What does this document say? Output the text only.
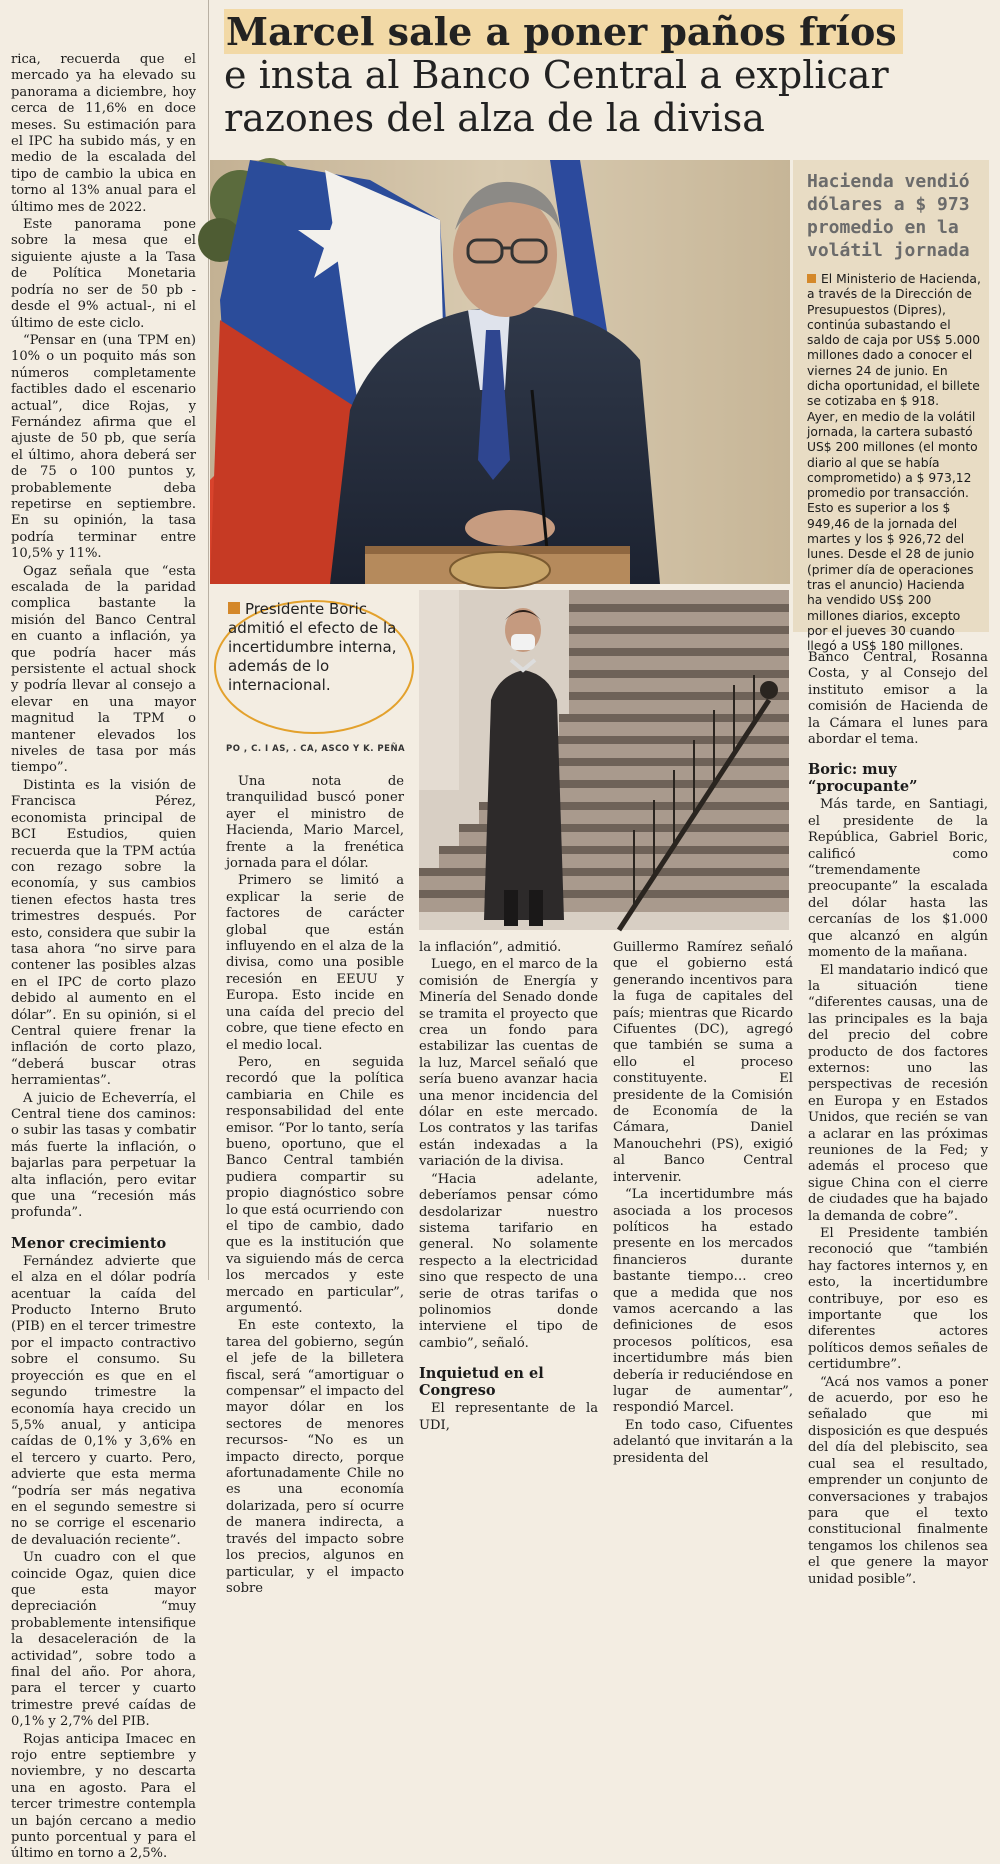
rica, recuerda que el mercado ya ha elevado su panorama a diciembre, hoy cerca de 11,6% en doce meses. Su estimación para el IPC ha subido más, y en medio de la escalada del tipo de cambio la ubica en torno al 13% anual para el último mes de 2022.

Este panorama pone sobre la mesa que el siguiente ajuste a la Tasa de Política Monetaria podría no ser de 50 pb -desde el 9% actual-, ni el último de este ciclo.

“Pensar en (una TPM en) 10% o un poquito más son números completamente factibles dado el escenario actual”, dice Rojas, y Fernández afirma que el ajuste de 50 pb, que sería el último, ahora deberá ser de 75 o 100 puntos y, probablemente deba repetirse en septiembre. En su opinión, la tasa podría terminar entre 10,5% y 11%.

Ogaz señala que “esta escalada de la paridad complica bastante la misión del Banco Central en cuanto a inflación, ya que podría hacer más persistente el actual shock y podría llevar al consejo a elevar en una mayor magnitud la TPM o mantener elevados los niveles de tasa por más tiempo”.

Distinta es la visión de Francisca Pérez, economista principal de BCI Estudios, quien recuerda que la TPM actúa con rezago sobre la economía, y sus cambios tienen efectos hasta tres trimestres después. Por esto, considera que subir la tasa ahora “no sirve para contener las posibles alzas en el IPC de corto plazo debido al aumento en el dólar”. En su opinión, si el Central quiere frenar la inflación de corto plazo, “deberá buscar otras herramientas”.

A juicio de Echeverría, el Central tiene dos caminos: o subir las tasas y combatir más fuerte la inflación, o bajarlas para perpetuar la alta inflación, pero evitar que una “recesión más profunda”.

Menor crecimiento

Fernández advierte que el alza en el dólar podría acentuar la caída del Producto Interno Bruto (PIB) en el tercer trimestre por el impacto contractivo sobre el consumo. Su proyección es que en el segundo trimestre la economía haya crecido un 5,5% anual, y anticipa caídas de 0,1% y 3,6% en el tercero y cuarto. Pero, advierte que esta merma “podría ser más negativa en el segundo semestre si no se corrige el escenario de devaluación reciente”.

Un cuadro con el que coincide Ogaz, quien dice que esta mayor depreciación “muy probablemente intensifique la desaceleración de la actividad”, sobre todo a final del año. Por ahora, para el tercer y cuarto trimestre prevé caídas de 0,1% y 2,7% del PIB.

Rojas anticipa Imacec en rojo entre septiembre y noviembre, y no descarta una en agosto. Para el tercer trimestre contempla un bajón cercano a medio punto porcentual y para el último en torno a 2,5%.

Marcel sale a poner paños fríos
e insta al Banco Central a explicar
razones del alza de la divisa
Hacienda vendió dólares a $ 973 promedio en la volátil jornada

El Ministerio de Hacienda, a través de la Dirección de Presupuestos (Dipres), continúa subastando el saldo de caja por US$ 5.000 millones dado a conocer el viernes 24 de junio. En dicha oportunidad, el billete se cotizaba en $ 918.

Ayer, en medio de la volátil jornada, la cartera subastó US$ 200 millones (el monto diario al que se había comprometido) a $ 973,12 promedio por transacción. Esto es superior a los $ 949,46 de la jornada del martes y los $ 926,72 del lunes. Desde el 28 de junio (primer día de operaciones tras el anuncio) Hacienda ha vendido US$ 200 millones diarios, excepto por el jueves 30 cuando llegó a US$ 180 millones.

Presidente Boric admitió el efecto de la incertidumbre interna, además de lo internacional.
PO , C. I AS, . CA, ASCO Y K. PEÑA

Una nota de tranquilidad buscó poner ayer el ministro de Hacienda, Mario Marcel, frente a la frenética jornada para el dólar.

Primero se limitó a explicar la serie de factores de carácter global que están influyendo en el alza de la divisa, como una posible recesión en EEUU y Europa. Esto incide en una caída del precio del cobre, que tiene efecto en el medio local.

Pero, en seguida recordó que la política cambiaria en Chile es responsabilidad del ente emisor. “Por lo tanto, sería bueno, oportuno, que el Banco Central también pudiera compartir su propio diagnóstico sobre lo que está ocurriendo con el tipo de cambio, dado que es la institución que va siguiendo más de cerca los mercados y este mercado en particular”, argumentó.

En este contexto, la tarea del gobierno, según el jefe de la billetera fiscal, será “amortiguar o compensar” el impacto del mayor dólar en los sectores de menores recursos- “No es un impacto directo, porque afortunadamente Chile no es una economía dolarizada, pero sí ocurre de manera indirecta, a través del impacto sobre los precios, algunos en particular, y el impacto sobre

la inflación”, admitió.

Luego, en el marco de la comisión de Energía y Minería del Senado donde se tramita el proyecto que crea un fondo para estabilizar las cuentas de la luz, Marcel señaló que sería bueno avanzar hacia una menor incidencia del dólar en este mercado. Los contratos y las tarifas están indexadas a la variación de la divisa.

“Hacia adelante, deberíamos pensar cómo desdolarizar nuestro sistema tarifario en general. No solamente respecto a la electricidad sino que respecto de una serie de otras tarifas o polinomios donde interviene el tipo de cambio”, señaló.

Inquietud en el Congreso

El representante de la UDI,

Guillermo Ramírez señaló que el gobierno está generando incentivos para la fuga de capitales del país; mientras que Ricardo Cifuentes (DC), agregó que también se suma a ello el proceso constituyente. El presidente de la Comisión de Economía de la Cámara, Daniel Manouchehri (PS), exigió al Banco Central intervenir.

“La incertidumbre más asociada a los procesos políticos ha estado presente en los mercados financieros durante bastante tiempo… creo que a medida que nos vamos acercando a las definiciones de esos procesos políticos, esa incertidumbre más bien debería ir reduciéndose en lugar de aumentar”, respondió Marcel.

En todo caso, Cifuentes adelantó que invitarán a la presidenta del

Banco Central, Rosanna Costa, y al Consejo del instituto emisor a la comisión de Hacienda de la Cámara el lunes para abordar el tema.

Boric: muy “procupante”

Más tarde, en Santiagi, el presidente de la República, Gabriel Boric, calificó como “tremendamente preocupante” la escalada del dólar hasta las cercanías de los $1.000 que alcanzó en algún momento de la mañana.

El mandatario indicó que la situación tiene “diferentes causas, una de las principales es la baja del precio del cobre producto de dos factores externos: uno las perspectivas de recesión en Europa y en Estados Unidos, que recién se van a aclarar en las próximas reuniones de la Fed; y además el proceso que sigue China con el cierre de ciudades que ha bajado la demanda de cobre”.

El Presidente también reconoció que “también hay factores internos y, en esto, la incertidumbre contribuye, por eso es importante que los diferentes actores políticos demos señales de certidumbre”.

“Acá nos vamos a poner de acuerdo, por eso he señalado que mi disposición es que después del día del plebiscito, sea cual sea el resultado, emprender un conjunto de conversaciones y trabajos para que el texto constitucional finalmente tengamos los chilenos sea el que genere la mayor unidad posible”.
